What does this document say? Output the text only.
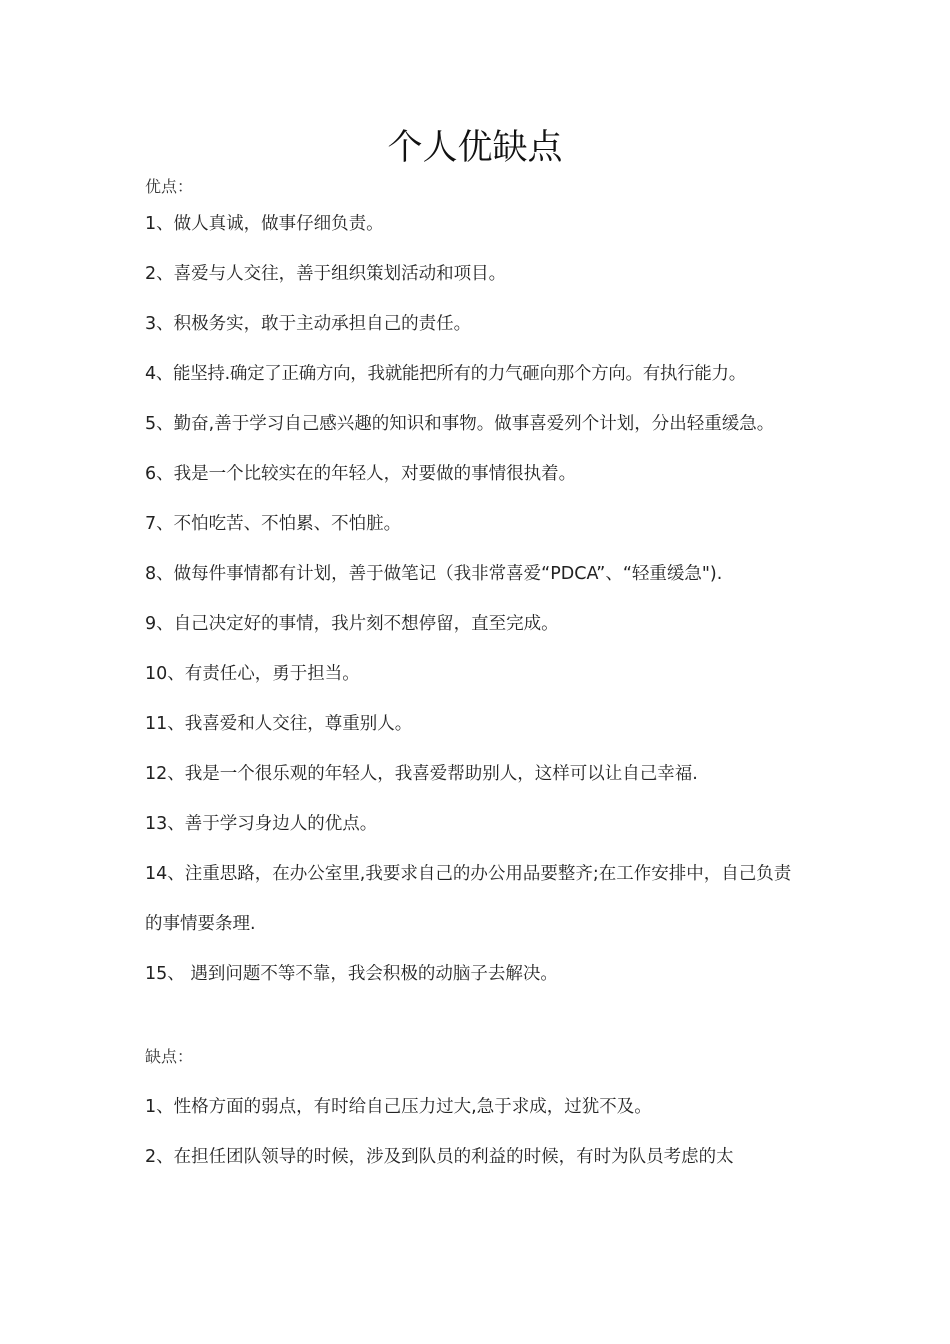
个人优缺点
优点：
1、做人真诚，做事仔细负责。
2、喜爱与人交往，善于组织策划活动和项目。
3、积极务实，敢于主动承担自己的责任。
4、能坚持.确定了正确方向，我就能把所有的力气砸向那个方向。有执行能力。
5、勤奋,善于学习自己感兴趣的知识和事物。做事喜爱列个计划，分出轻重缓急。
6、我是一个比较实在的年轻人，对要做的事情很执着。
7、不怕吃苦、不怕累、不怕脏。
8、做每件事情都有计划，善于做笔记（我非常喜爱“PDCA”、“轻重缓急").
9、自己决定好的事情，我片刻不想停留，直至完成。
10、有责任心，勇于担当。
11、我喜爱和人交往，尊重别人。
12、我是一个很乐观的年轻人，我喜爱帮助别人，这样可以让自己幸福.
13、善于学习身边人的优点。
14、注重思路，在办公室里,我要求自己的办公用品要整齐;在工作安排中，自己负责的事情要条理.
15、 遇到问题不等不靠，我会积极的动脑子去解决。
缺点：
1、性格方面的弱点，有时给自己压力过大,急于求成，过犹不及。
2、在担任团队领导的时候，涉及到队员的利益的时候，有时为队员考虑的太
